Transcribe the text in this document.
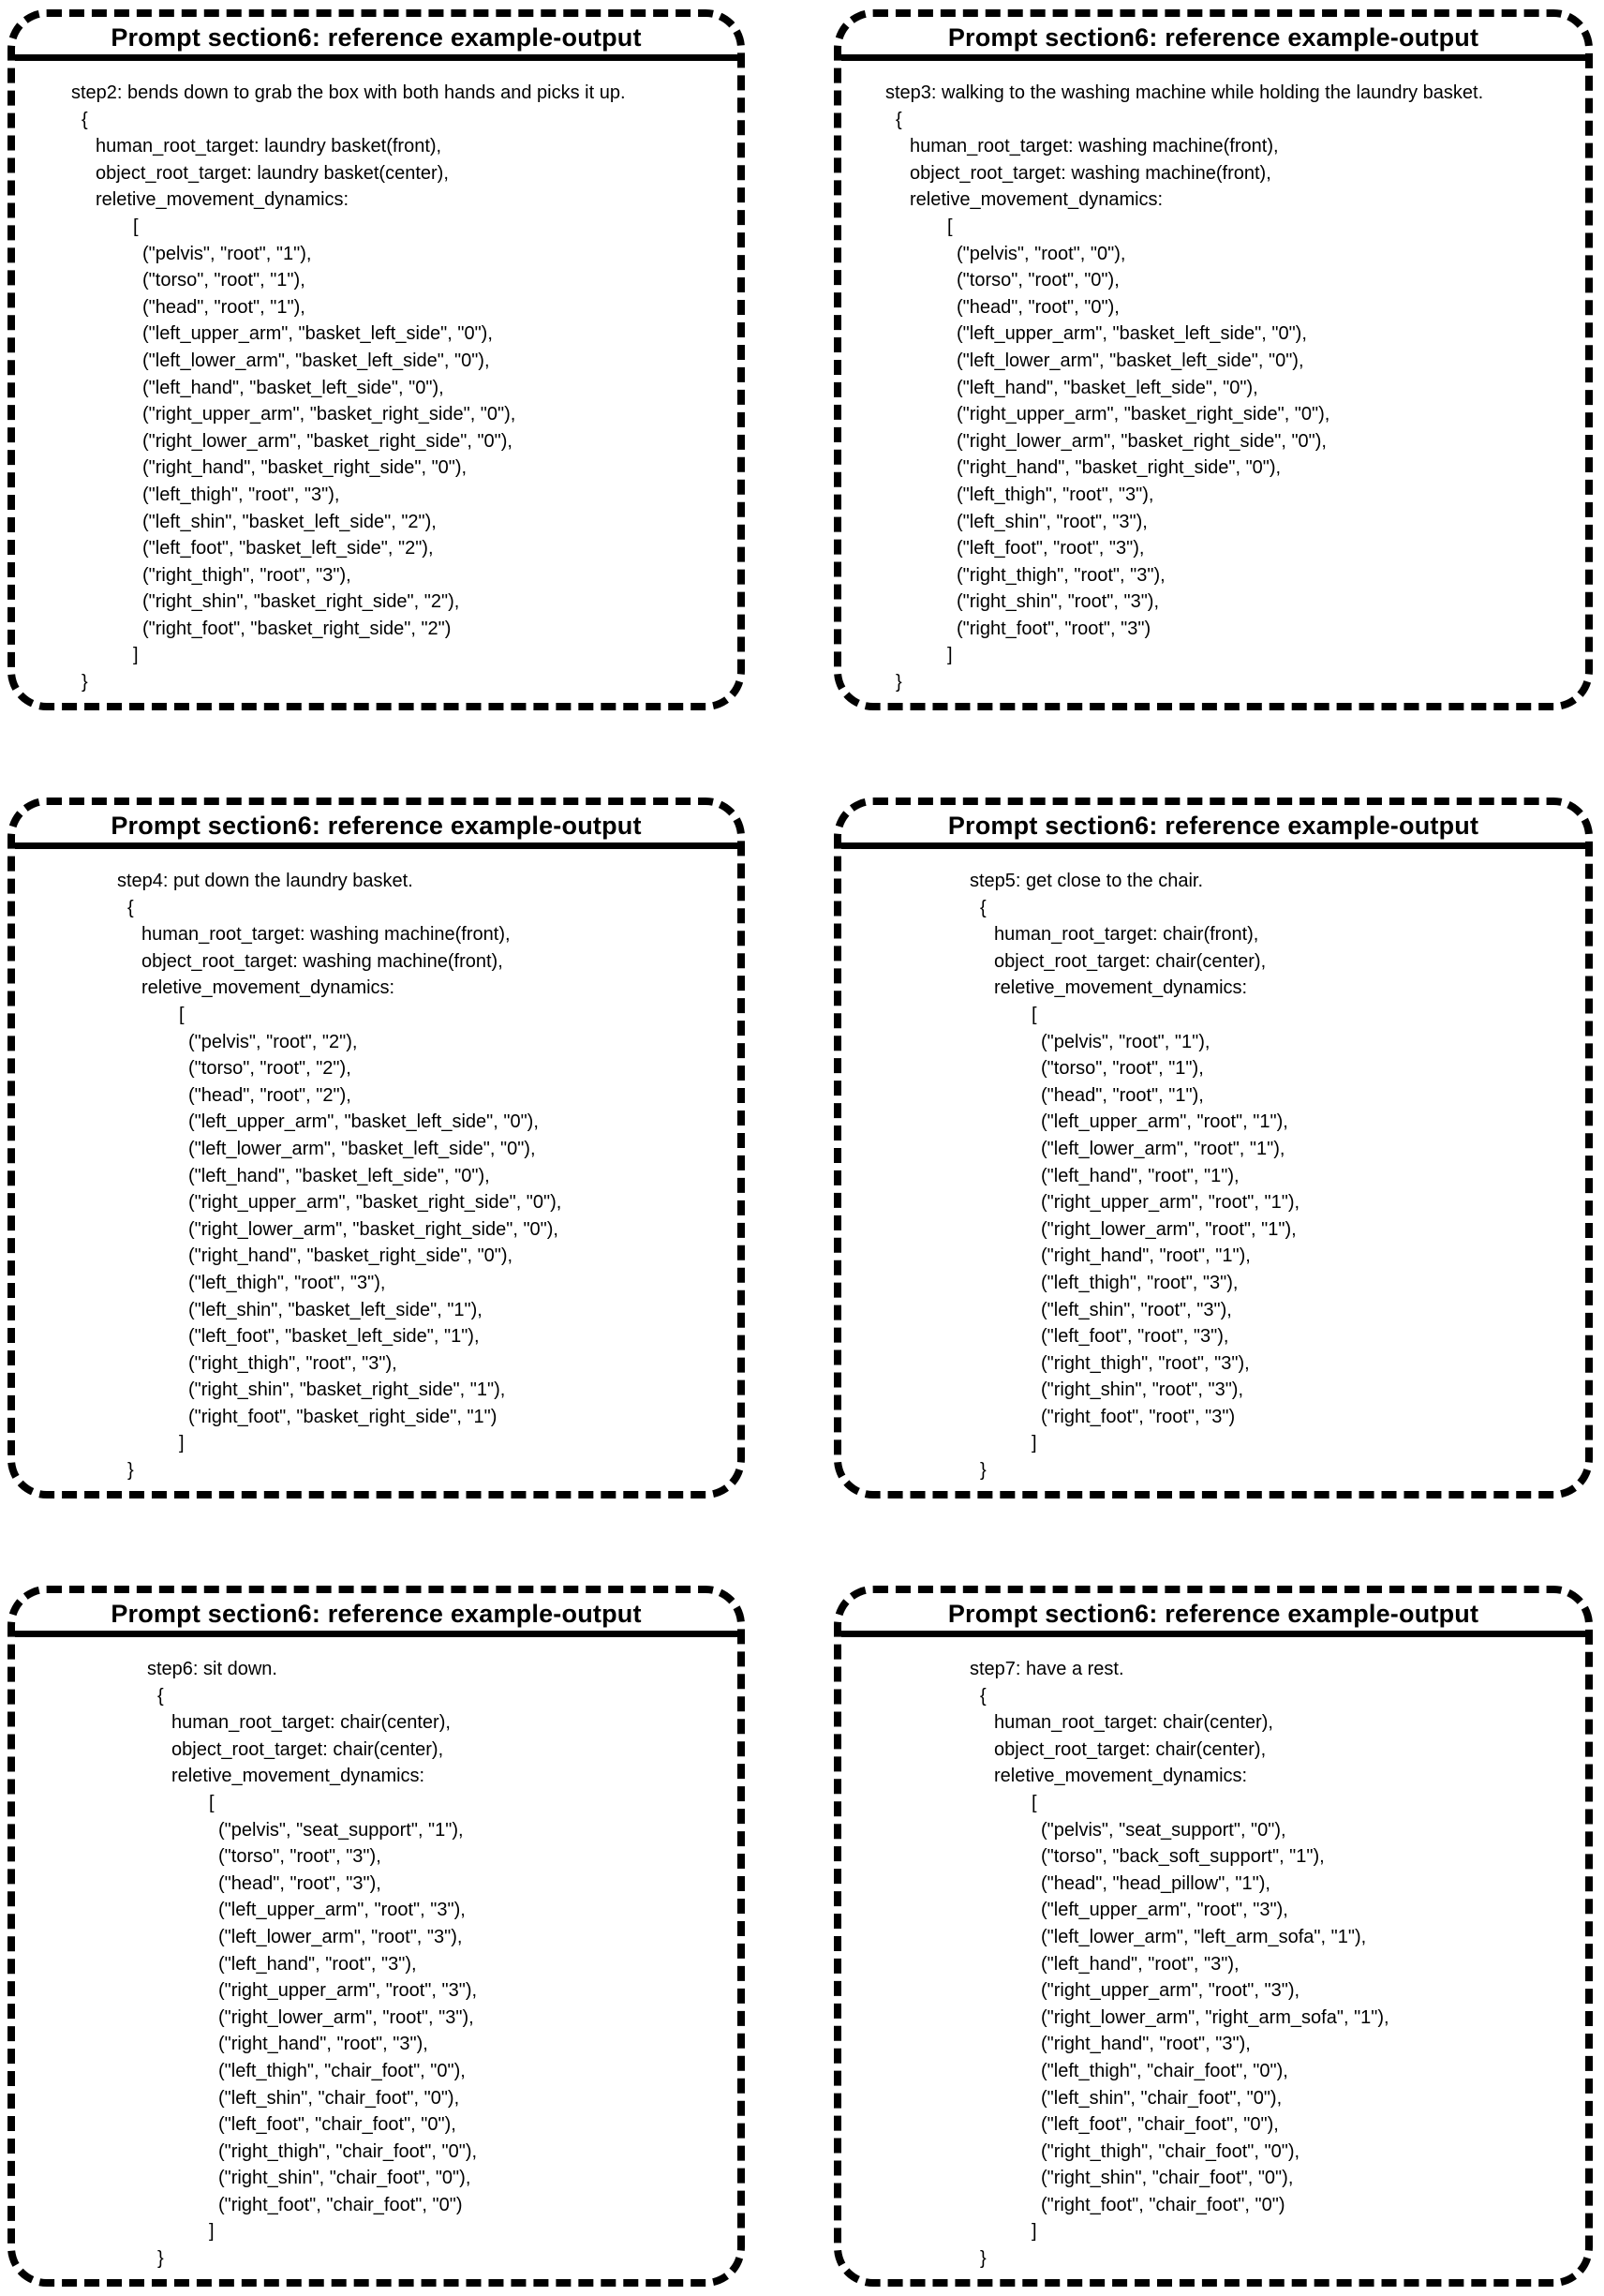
Prompt section6: reference example-output
step2: bends down to grab the box with both hands and picks it up.
{
human_root_target: laundry basket(front),
object_root_target: laundry basket(center),
reletive_movement_dynamics:
[
("pelvis", "root", "1"),
("torso", "root", "1"),
("head", "root", "1"),
("left_upper_arm", "basket_left_side", "0"),
("left_lower_arm", "basket_left_side", "0"),
("left_hand", "basket_left_side", "0"),
("right_upper_arm", "basket_right_side", "0"),
("right_lower_arm", "basket_right_side", "0"),
("right_hand", "basket_right_side", "0"),
("left_thigh", "root", "3"),
("left_shin", "basket_left_side", "2"),
("left_foot", "basket_left_side", "2"),
("right_thigh", "root", "3"),
("right_shin", "basket_right_side", "2"),
("right_foot", "basket_right_side", "2")
]
}
Prompt section6: reference example-output
step3: walking to the washing machine while holding the laundry basket.
{
human_root_target: washing machine(front),
object_root_target: washing machine(front),
reletive_movement_dynamics:
[
("pelvis", "root", "0"),
("torso", "root", "0"),
("head", "root", "0"),
("left_upper_arm", "basket_left_side", "0"),
("left_lower_arm", "basket_left_side", "0"),
("left_hand", "basket_left_side", "0"),
("right_upper_arm", "basket_right_side", "0"),
("right_lower_arm", "basket_right_side", "0"),
("right_hand", "basket_right_side", "0"),
("left_thigh", "root", "3"),
("left_shin", "root", "3"),
("left_foot", "root", "3"),
("right_thigh", "root", "3"),
("right_shin", "root", "3"),
("right_foot", "root", "3")
]
}
Prompt section6: reference example-output
step4: put down the laundry basket.
{
human_root_target: washing machine(front),
object_root_target: washing machine(front),
reletive_movement_dynamics:
[
("pelvis", "root", "2"),
("torso", "root", "2"),
("head", "root", "2"),
("left_upper_arm", "basket_left_side", "0"),
("left_lower_arm", "basket_left_side", "0"),
("left_hand", "basket_left_side", "0"),
("right_upper_arm", "basket_right_side", "0"),
("right_lower_arm", "basket_right_side", "0"),
("right_hand", "basket_right_side", "0"),
("left_thigh", "root", "3"),
("left_shin", "basket_left_side", "1"),
("left_foot", "basket_left_side", "1"),
("right_thigh", "root", "3"),
("right_shin", "basket_right_side", "1"),
("right_foot", "basket_right_side", "1")
]
}
Prompt section6: reference example-output
step5: get close to the chair.
{
human_root_target: chair(front),
object_root_target: chair(center),
reletive_movement_dynamics:
[
("pelvis", "root", "1"),
("torso", "root", "1"),
("head", "root", "1"),
("left_upper_arm", "root", "1"),
("left_lower_arm", "root", "1"),
("left_hand", "root", "1"),
("right_upper_arm", "root", "1"),
("right_lower_arm", "root", "1"),
("right_hand", "root", "1"),
("left_thigh", "root", "3"),
("left_shin", "root", "3"),
("left_foot", "root", "3"),
("right_thigh", "root", "3"),
("right_shin", "root", "3"),
("right_foot", "root", "3")
]
}
Prompt section6: reference example-output
step6: sit down.
{
human_root_target: chair(center),
object_root_target: chair(center),
reletive_movement_dynamics:
[
("pelvis", "seat_support", "1"),
("torso", "root", "3"),
("head", "root", "3"),
("left_upper_arm", "root", "3"),
("left_lower_arm", "root", "3"),
("left_hand", "root", "3"),
("right_upper_arm", "root", "3"),
("right_lower_arm", "root", "3"),
("right_hand", "root", "3"),
("left_thigh", "chair_foot", "0"),
("left_shin", "chair_foot", "0"),
("left_foot", "chair_foot", "0"),
("right_thigh", "chair_foot", "0"),
("right_shin", "chair_foot", "0"),
("right_foot", "chair_foot", "0")
]
}
Prompt section6: reference example-output
step7: have a rest.
{
human_root_target: chair(center),
object_root_target: chair(center),
reletive_movement_dynamics:
[
("pelvis", "seat_support", "0"),
("torso", "back_soft_support", "1"),
("head", "head_pillow", "1"),
("left_upper_arm", "root", "3"),
("left_lower_arm", "left_arm_sofa", "1"),
("left_hand", "root", "3"),
("right_upper_arm", "root", "3"),
("right_lower_arm", "right_arm_sofa", "1"),
("right_hand", "root", "3"),
("left_thigh", "chair_foot", "0"),
("left_shin", "chair_foot", "0"),
("left_foot", "chair_foot", "0"),
("right_thigh", "chair_foot", "0"),
("right_shin", "chair_foot", "0"),
("right_foot", "chair_foot", "0")
]
}
